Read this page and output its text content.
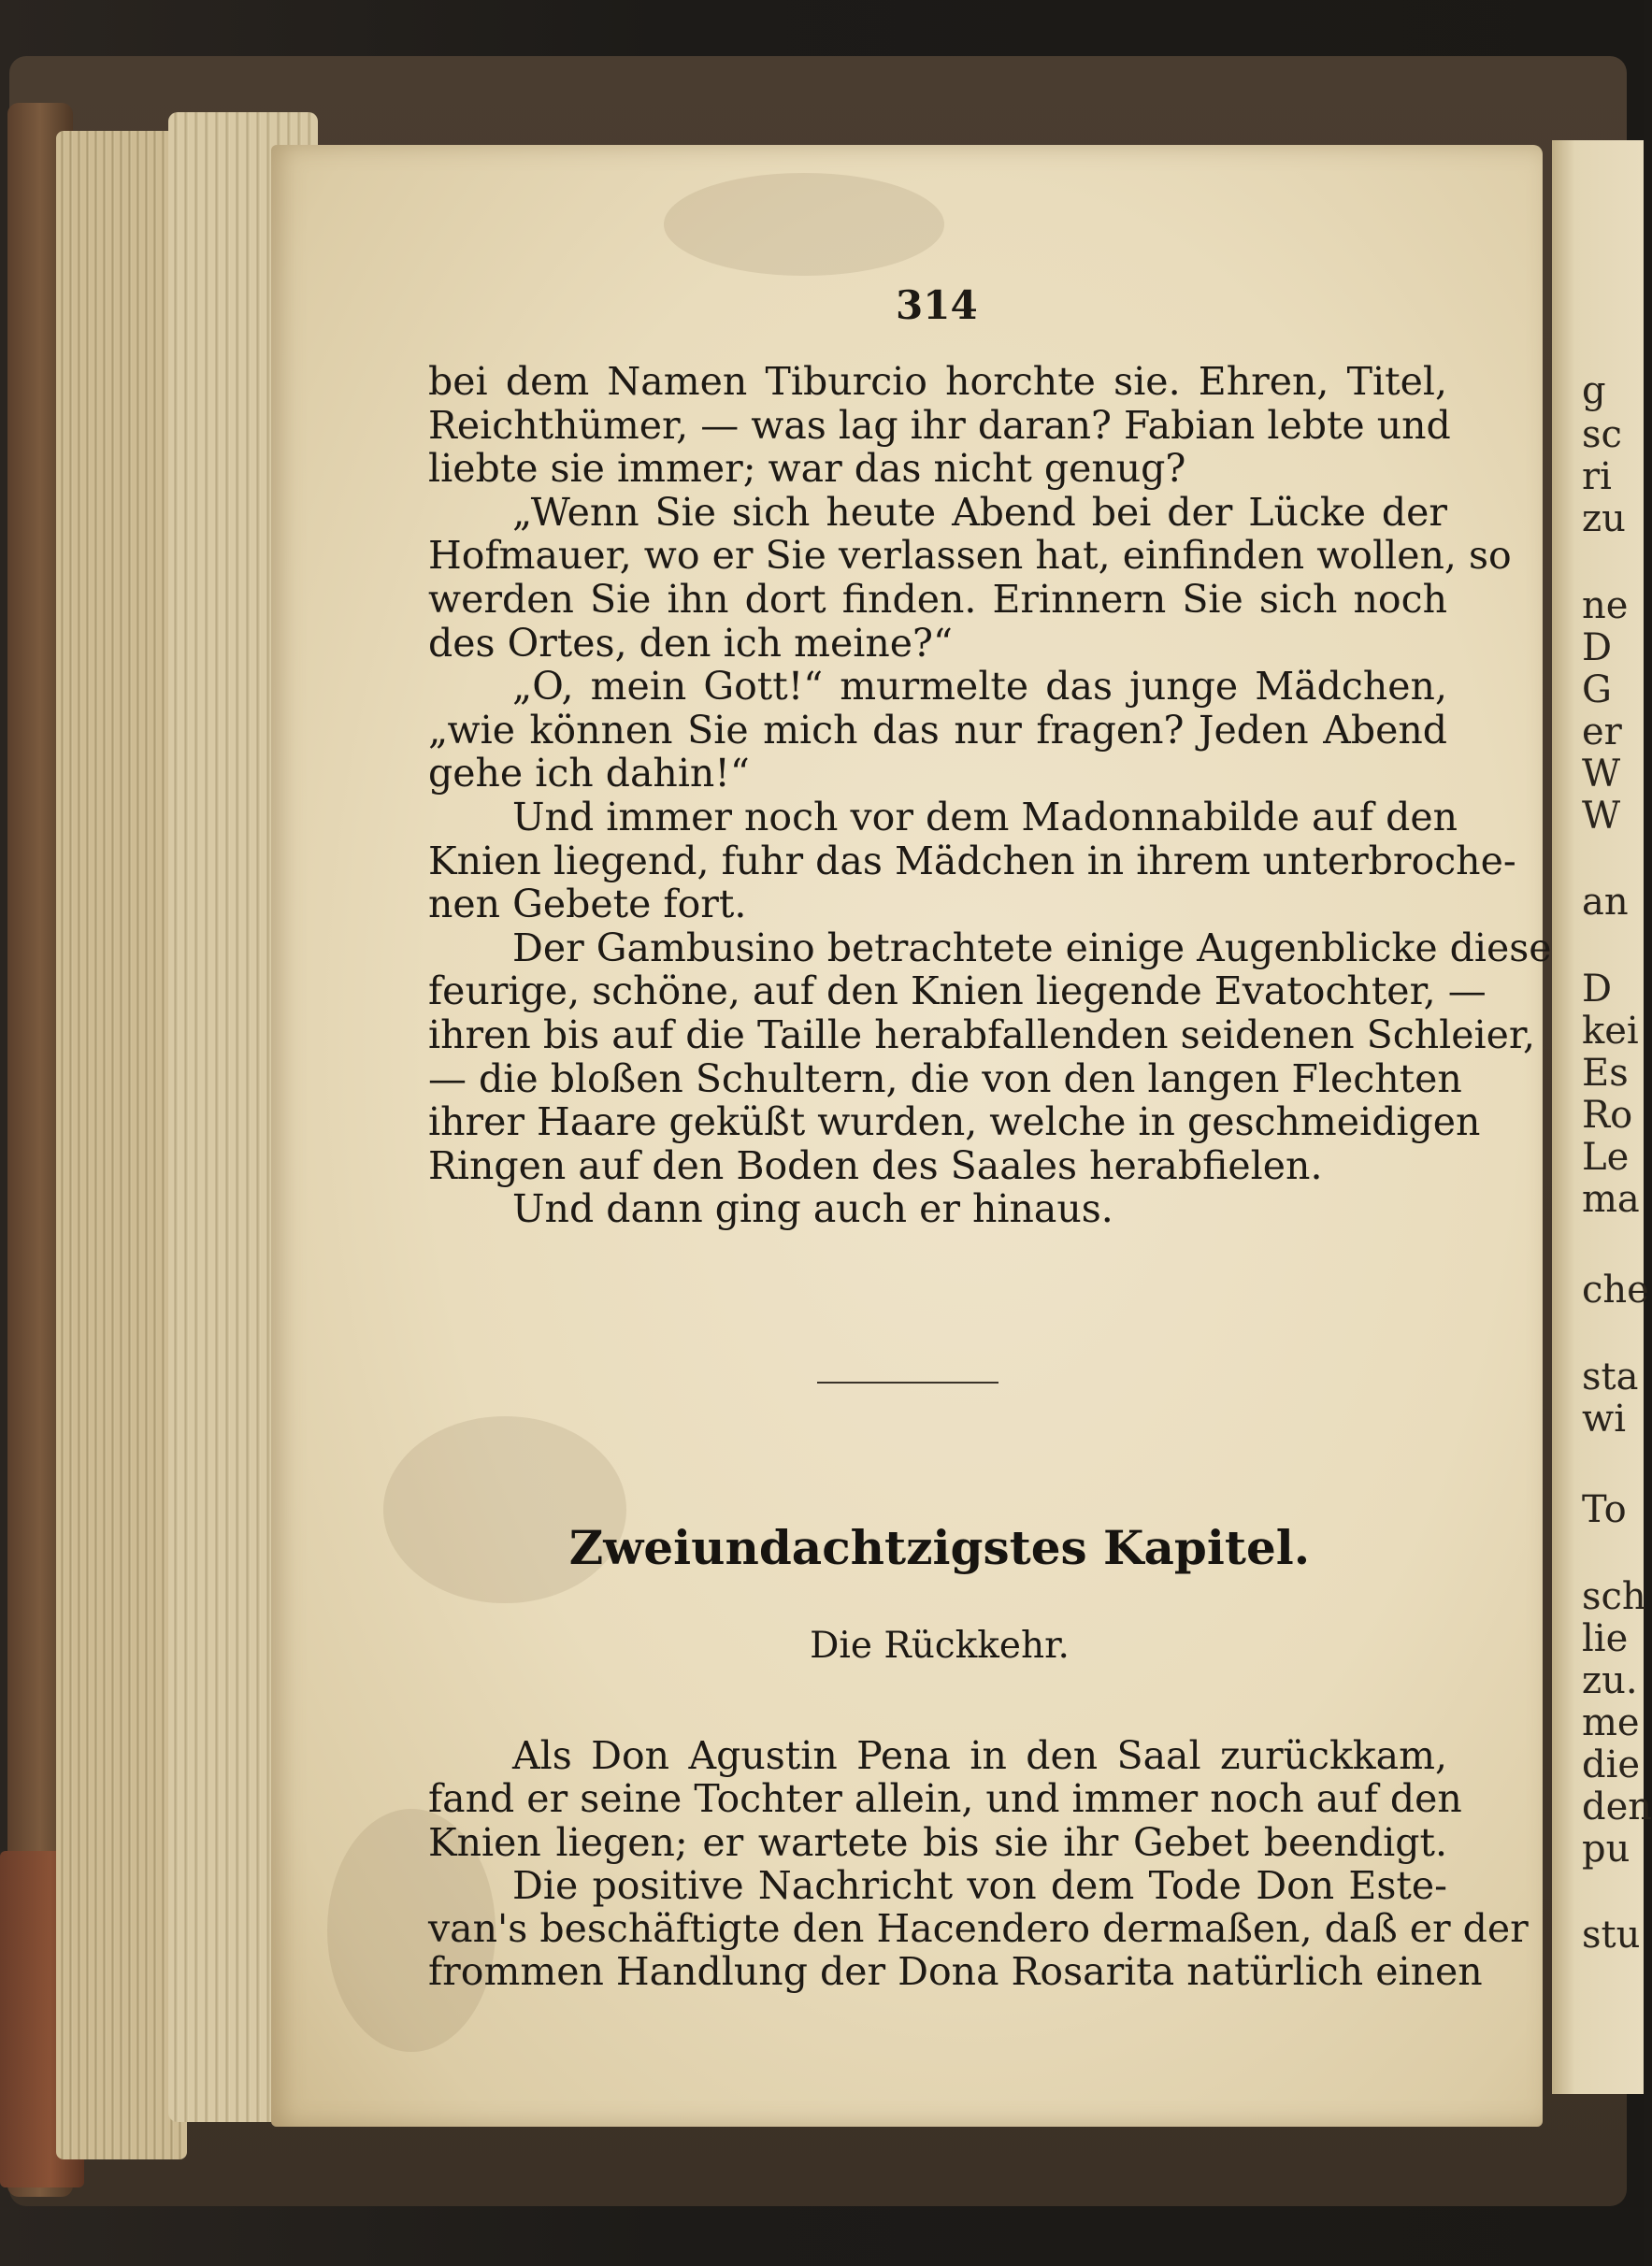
g
sc
ri
zu
ne
D
G
er
W
W
an
D
kei
Es
Ro
Le
ma
che
sta
wi
To
sch
lie
zu.
me
die
den
pu
stu
314
bei dem Namen Tiburcio horchte sie. Ehren, Titel,
Reichthümer, — was lag ihr daran? Fabian lebte und
liebte sie immer; war das nicht genug?
„Wenn Sie sich heute Abend bei der Lücke der
Hofmauer, wo er Sie verlassen hat, einfinden wollen, so
werden Sie ihn dort finden. Erinnern Sie sich noch
des Ortes, den ich meine?“
„O, mein Gott!“ murmelte das junge Mädchen,
„wie können Sie mich das nur fragen? Jeden Abend
gehe ich dahin!“
Und immer noch vor dem Madonnabilde auf den
Knien liegend, fuhr das Mädchen in ihrem unterbroche-
nen Gebete fort.
Der Gambusino betrachtete einige Augenblicke diese
feurige, schöne, auf den Knien liegende Evatochter, —
ihren bis auf die Taille herabfallenden seidenen Schleier,
— die bloßen Schultern, die von den langen Flechten
ihrer Haare geküßt wurden, welche in geschmeidigen
Ringen auf den Boden des Saales herabfielen.
Und dann ging auch er hinaus.
Zweiundachtzigstes Kapitel.
Die Rückkehr.
Als Don Agustin Pena in den Saal zurückkam,
fand er seine Tochter allein, und immer noch auf den
Knien liegen; er wartete bis sie ihr Gebet beendigt.
Die positive Nachricht von dem Tode Don Este-
van's beschäftigte den Hacendero dermaßen, daß er der
frommen Handlung der Dona Rosarita natürlich einen
